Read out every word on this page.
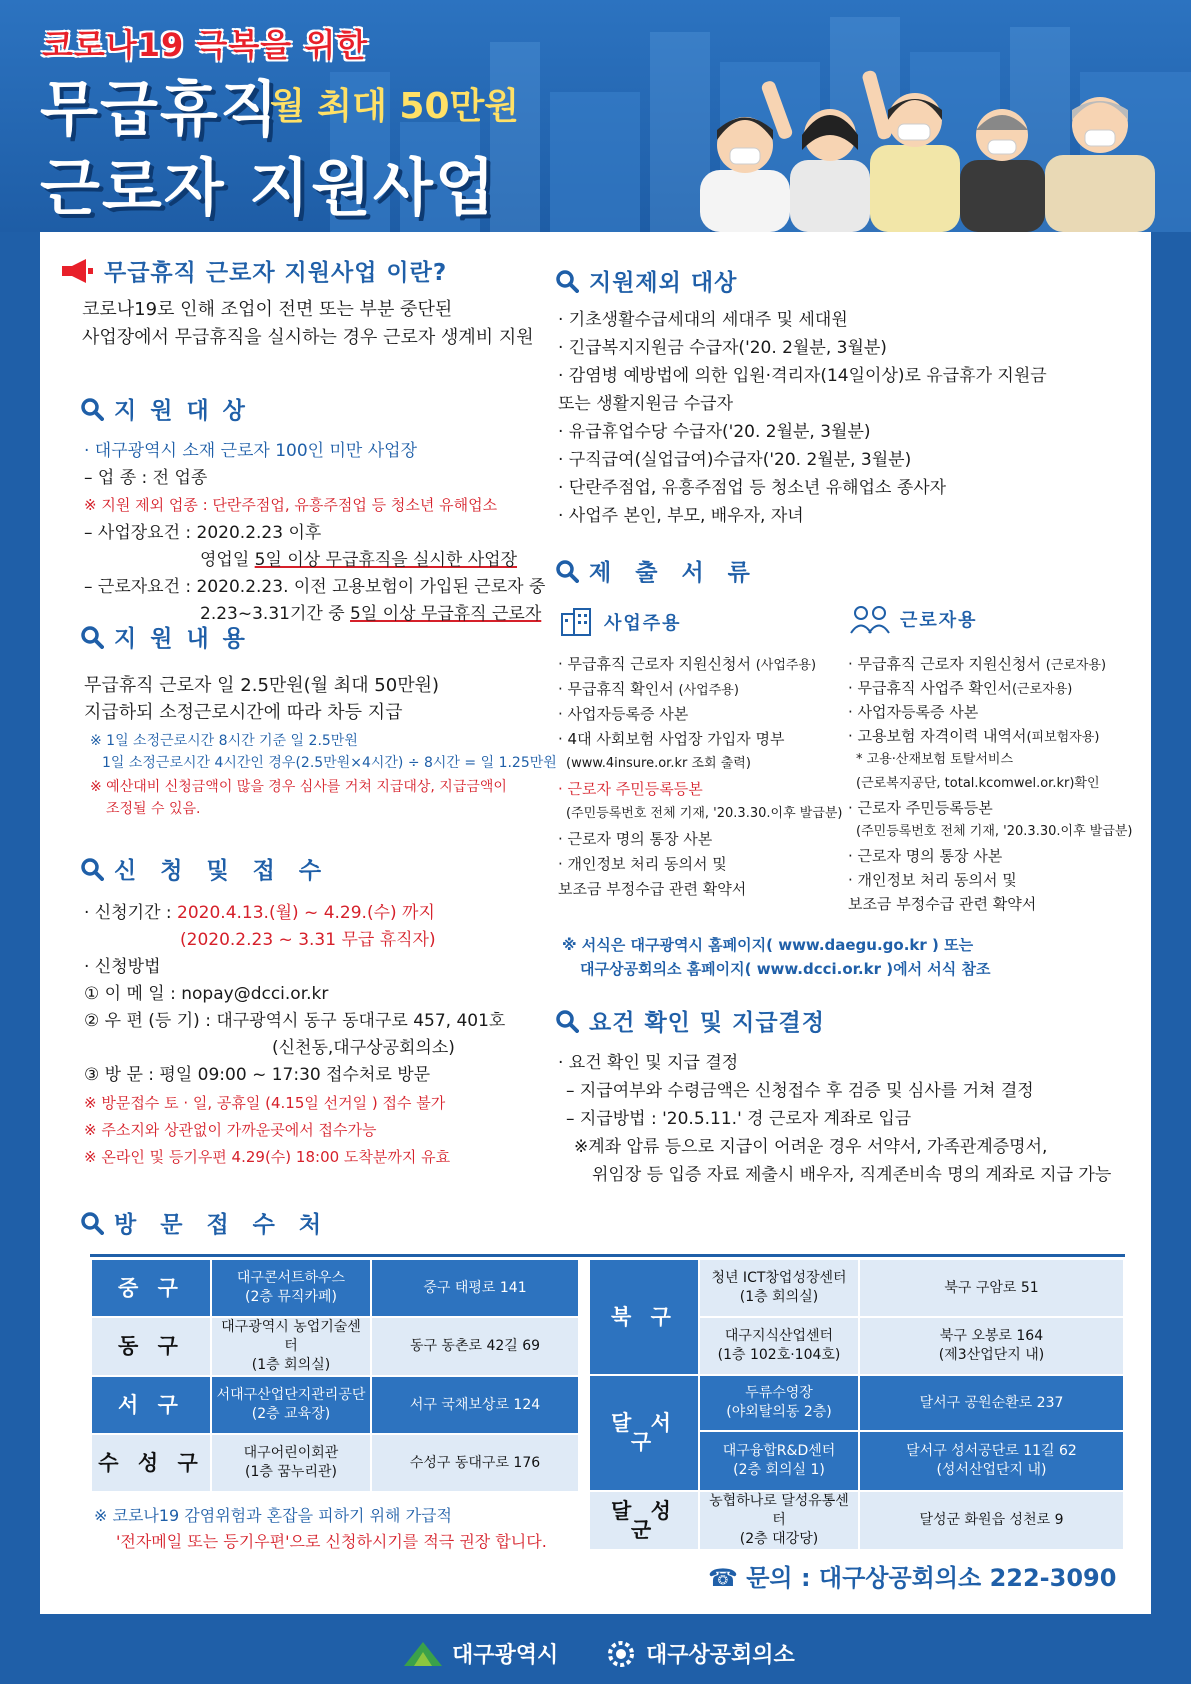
코로나19 극복을 위한
무급휴직
월 최대 50만원
근로자 지원사업
무급휴직 근로자 지원사업 이란?
코로나19로 인해 조업이 전면 또는 부분 중단된
사업장에서 무급휴직을 실시하는 경우 근로자 생계비 지원
지 원 대 상
· 대구광역시 소재 근로자 100인 미만 사업장
– 업 종 : 전 업종
※ 지원 제외 업종 : 단란주점업, 유흥주점업 등 청소년 유해업소
– 사업장요건 : 2020.2.23 이후
영업일 5일 이상 무급휴직을 실시한 사업장
– 근로자요건 : 2020.2.23. 이전 고용보험이 가입된 근로자 중
2.23~3.31기간 중 5일 이상 무급휴직 근로자
지 원 내 용
무급휴직 근로자 일 2.5만원(월 최대 50만원)
지급하되 소정근로시간에 따라 차등 지급
※ 1일 소정근로시간 8시간 기준 일 2.5만원
1일 소정근로시간 4시간인 경우(2.5만원×4시간) ÷ 8시간 = 일 1.25만원
※ 예산대비 신청금액이 많을 경우 심사를 거쳐 지급대상, 지급금액이
조정될 수 있음.
신 청 및 접 수
· 신청기간 : 2020.4.13.(월) ~ 4.29.(수) 까지
(2020.2.23 ~ 3.31 무급 휴직자)
· 신청방법
① 이 메 일 : nopay@dcci.or.kr
② 우 편 (등 기) : 대구광역시 동구 동대구로 457, 401호
(신천동,대구상공회의소)
③ 방 문 : 평일 09:00 ~ 17:30 접수처로 방문
※ 방문접수 토 · 일, 공휴일 (4.15일 선거일 ) 접수 불가
※ 주소지와 상관없이 가까운곳에서 접수가능
※ 온라인 및 등기우편 4.29(수) 18:00 도착분까지 유효
지원제외 대상
· 기초생활수급세대의 세대주 및 세대원
· 긴급복지지원금 수급자('20. 2월분, 3월분)
· 감염병 예방법에 의한 입원·격리자(14일이상)로 유급휴가 지원금
또는 생활지원금 수급자
· 유급휴업수당 수급자('20. 2월분, 3월분)
· 구직급여(실업급여)수급자('20. 2월분, 3월분)
· 단란주점업, 유흥주점업 등 청소년 유해업소 종사자
· 사업주 본인, 부모, 배우자, 자녀
제 출 서 류
사업주용	근로자용
· 무급휴직 근로자 지원신청서 (사업주용)
· 무급휴직 확인서 (사업주용)
· 사업자등록증 사본
· 4대 사회보험 사업장 가입자 명부
(www.4insure.or.kr 조회 출력)
· 근로자 주민등록등본
(주민등록번호 전체 기재, '20.3.30.이후 발급분)
· 근로자 명의 통장 사본
· 개인정보 처리 동의서 및
보조금 부정수급 관련 확약서
· 무급휴직 근로자 지원신청서 (근로자용)
· 무급휴직 사업주 확인서(근로자용)
· 사업자등록증 사본
· 고용보험 자격이력 내역서(피보험자용)
* 고용·산재보험 토탈서비스
(근로복지공단, total.kcomwel.or.kr)확인
· 근로자 주민등록등본
(주민등록번호 전체 기재, '20.3.30.이후 발급분)
· 근로자 명의 통장 사본
· 개인정보 처리 동의서 및
보조금 부정수급 관련 확약서
※ 서식은 대구광역시 홈페이지( www.daegu.go.kr ) 또는
대구상공회의소 홈페이지( www.dcci.or.kr )에서 서식 참조
요건 확인 및 지급결정
· 요건 확인 및 지급 결정
– 지급여부와 수령금액은 신청접수 후 검증 및 심사를 거쳐 결정
– 지급방법 : '20.5.11.' 경 근로자 계좌로 입금
※계좌 압류 등으로 지급이 어려운 경우 서약서, 가족관계증명서,
위임장 등 입증 자료 제출시 배우자, 직계존비속 명의 계좌로 지급 가능
방 문 접 수 처
중 구	대구콘서트하우스
(2층 뮤직카페)	중구 태평로 141
동 구	대구광역시 농업기술센터
(1층 회의실)	동구 동촌로 42길 69
서 구	서대구산업단지관리공단
(2층 교육장)	서구 국채보상로 124
수 성 구	대구어린이회관
(1층 꿈누리관)	수성구 동대구로 176
북 구	청년 ICT창업성장센터
(1층 회의실)	북구 구암로 51
	대구지식산업센터
(1층 102호·104호)	북구 오봉로 164
(제3산업단지 내)
달 서 구	두류수영장
(야외탈의동 2층)	달서구 공원순환로 237
	대구융합R&D센터
(2층 회의실 1)	달서구 성서공단로 11길 62
(성서산업단지 내)
달 성 군	농협하나로 달성유통센터
(2층 대강당)	달성군 화원읍 성천로 9
※ 코로나19 감염위험과 혼잡을 피하기 위해 가급적
'전자메일 또는 등기우편'으로 신청하시기를 적극 권장 합니다.
☎ 문의 : 대구상공회의소 222-3090
대구광역시	대구상공회의소
